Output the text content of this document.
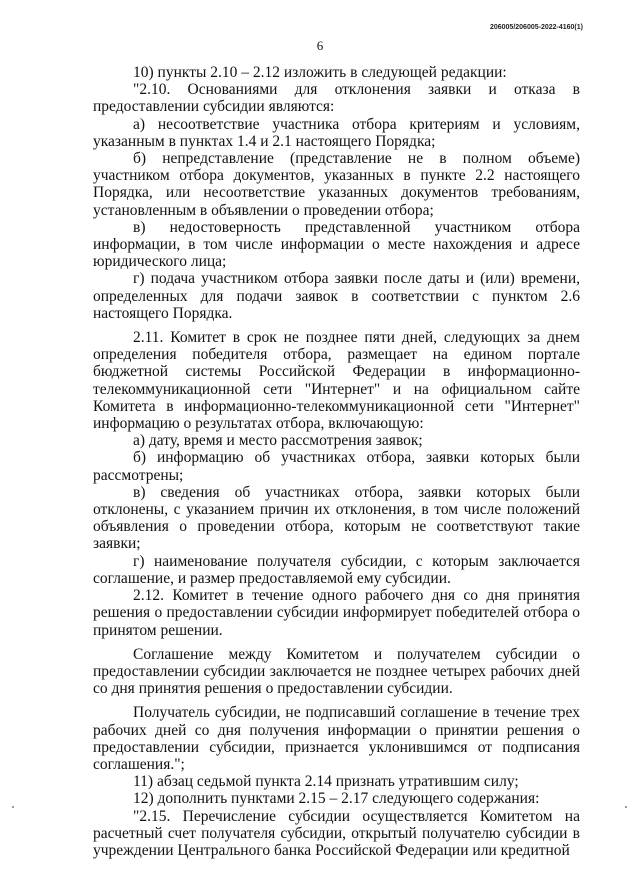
206005/206005-2022-4160(1)
6

10) пункты 2.10 – 2.12 изложить в следующей редакции:

"2.10. Основаниями для отклонения заявки и отказа в предоставлении субсидии являются:

а) несоответствие участника отбора критериям и условиям, указанным в пунктах 1.4 и 2.1 настоящего Порядка;

б) непредставление (представление не в полном объеме) участником отбора документов, указанных в пункте 2.2 настоящего Порядка, или несоответствие указанных документов требованиям, установленным в объявлении о проведении отбора;

в) недостоверность представленной участником отбора информации, в том числе информации о месте нахождения и адресе юридического лица;

г) подача участником отбора заявки после даты и (или) времени, определенных для подачи заявок в соответствии с пунктом 2.6 настоящего Порядка.

2.11. Комитет в срок не позднее пяти дней, следующих за днем определения победителя отбора, размещает на едином портале бюджетной системы Российской Федерации в информационно-телекоммуникационной сети "Интернет" и на официальном сайте Комитета в информационно-телекоммуникационной сети "Интернет" информацию о результатах отбора, включающую:

а) дату, время и место рассмотрения заявок;

б) информацию об участниках отбора, заявки которых были рассмотрены;

в) сведения об участниках отбора, заявки которых были отклонены, с указанием причин их отклонения, в том числе положений объявления о проведении отбора, которым не соответствуют такие заявки;

г) наименование получателя субсидии, с которым заключается соглашение, и размер предоставляемой ему субсидии.

2.12. Комитет в течение одного рабочего дня со дня принятия решения о предоставлении субсидии информирует победителей отбора о принятом решении.

Соглашение между Комитетом и получателем субсидии о предоставлении субсидии заключается не позднее четырех рабочих дней со дня принятия решения о предоставлении субсидии.

Получатель субсидии, не подписавший соглашение в течение трех рабочих дней со дня получения информации о принятии решения о предоставлении субсидии, признается уклонившимся от подписания соглашения.";

11) абзац седьмой пункта 2.14 признать утратившим силу;

12) дополнить пунктами 2.15 – 2.17 следующего содержания:

"2.15. Перечисление субсидии осуществляется Комитетом на расчетный счет получателя субсидии, открытый получателю субсидии в учреждении Центрального банка Российской Федерации или кредитной
